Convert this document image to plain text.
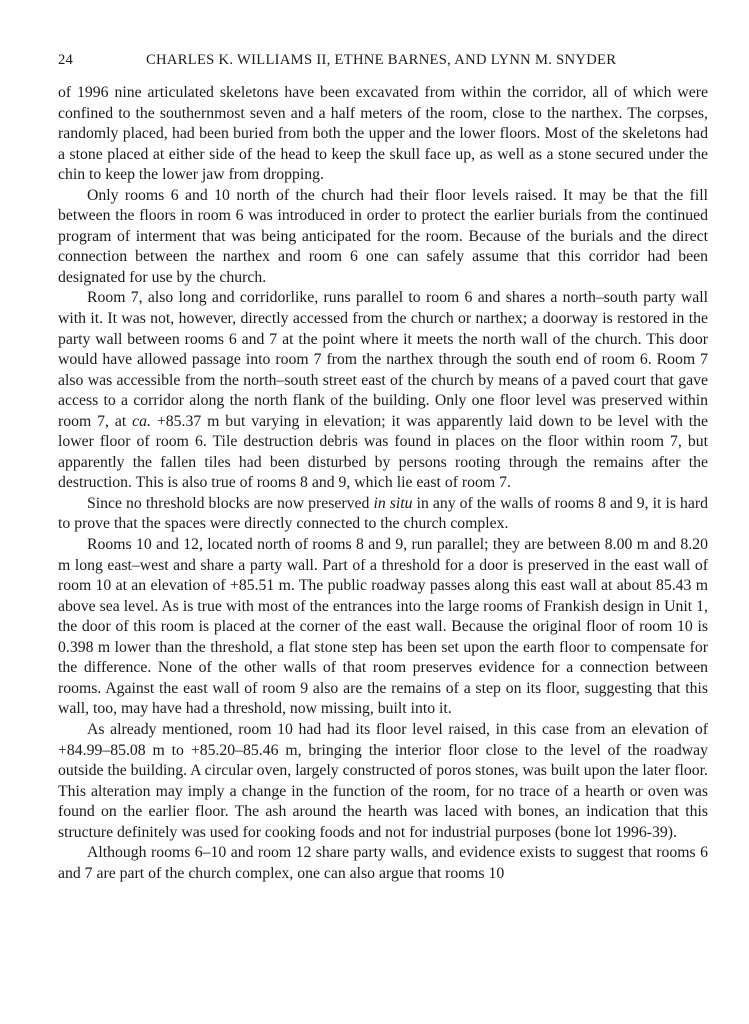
24	CHARLES K. WILLIAMS II, ETHNE BARNES, AND LYNN M. SNYDER

of 1996 nine articulated skeletons have been excavated from within the corridor, all of which were confined to the southernmost seven and a half meters of the room, close to the narthex. The corpses, randomly placed, had been buried from both the upper and the lower floors. Most of the skeletons had a stone placed at either side of the head to keep the skull face up, as well as a stone secured under the chin to keep the lower jaw from dropping.

Only rooms 6 and 10 north of the church had their floor levels raised. It may be that the fill between the floors in room 6 was introduced in order to protect the earlier burials from the continued program of interment that was being anticipated for the room. Because of the burials and the direct connection between the narthex and room 6 one can safely assume that this corridor had been designated for use by the church.

Room 7, also long and corridorlike, runs parallel to room 6 and shares a north–south party wall with it. It was not, however, directly accessed from the church or narthex; a doorway is restored in the party wall between rooms 6 and 7 at the point where it meets the north wall of the church. This door would have allowed passage into room 7 from the narthex through the south end of room 6. Room 7 also was accessible from the north–south street east of the church by means of a paved court that gave access to a corridor along the north flank of the building. Only one floor level was preserved within room 7, at ca. +85.37 m but varying in elevation; it was apparently laid down to be level with the lower floor of room 6. Tile destruction debris was found in places on the floor within room 7, but apparently the fallen tiles had been disturbed by persons rooting through the remains after the destruction. This is also true of rooms 8 and 9, which lie east of room 7.

Since no threshold blocks are now preserved in situ in any of the walls of rooms 8 and 9, it is hard to prove that the spaces were directly connected to the church complex.

Rooms 10 and 12, located north of rooms 8 and 9, run parallel; they are between 8.00 m and 8.20 m long east–west and share a party wall. Part of a threshold for a door is preserved in the east wall of room 10 at an elevation of +85.51 m. The public roadway passes along this east wall at about 85.43 m above sea level. As is true with most of the entrances into the large rooms of Frankish design in Unit 1, the door of this room is placed at the corner of the east wall. Because the original floor of room 10 is 0.398 m lower than the threshold, a flat stone step has been set upon the earth floor to compensate for the difference. None of the other walls of that room preserves evidence for a connection between rooms. Against the east wall of room 9 also are the remains of a step on its floor, suggesting that this wall, too, may have had a threshold, now missing, built into it.

As already mentioned, room 10 had had its floor level raised, in this case from an elevation of +84.99–85.08 m to +85.20–85.46 m, bringing the interior floor close to the level of the roadway outside the building. A circular oven, largely constructed of poros stones, was built upon the later floor. This alteration may imply a change in the function of the room, for no trace of a hearth or oven was found on the earlier floor. The ash around the hearth was laced with bones, an indication that this structure definitely was used for cooking foods and not for industrial purposes (bone lot 1996-39).

Although rooms 6–10 and room 12 share party walls, and evidence exists to suggest that rooms 6 and 7 are part of the church complex, one can also argue that rooms 10
